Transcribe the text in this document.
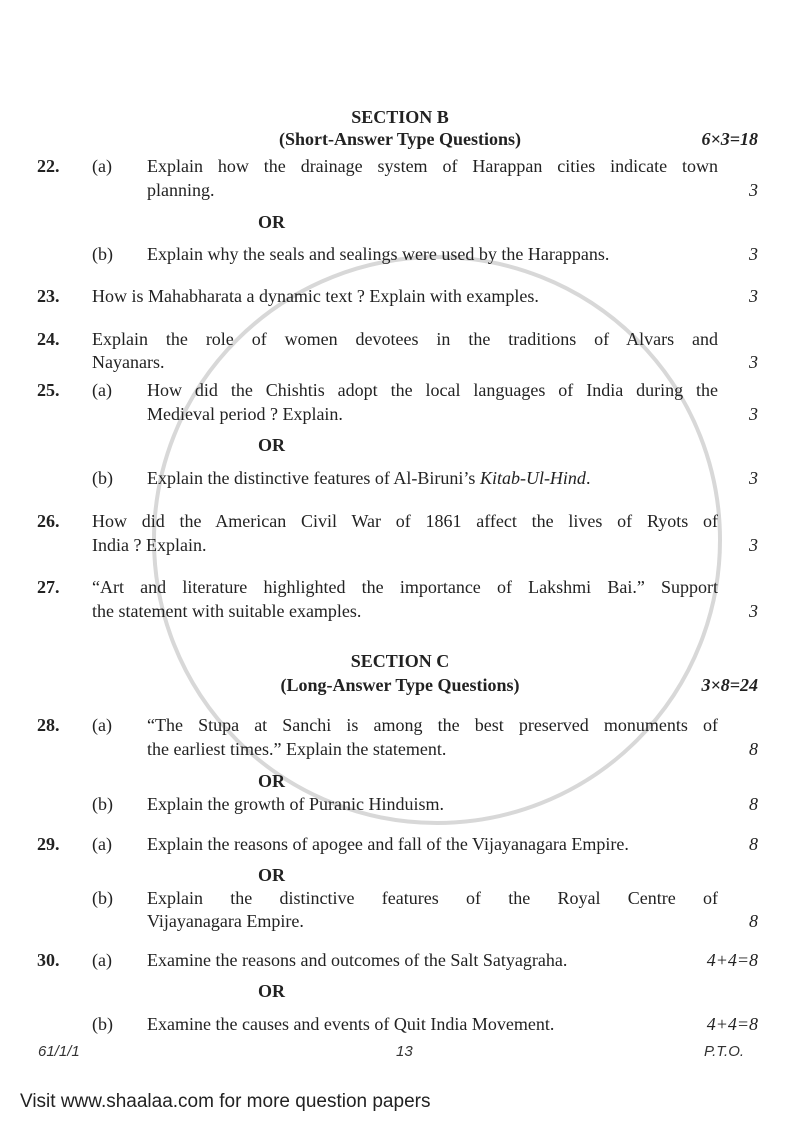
SECTION B
(Short-Answer Type Questions)	6×3=18
22. (a) Explain how the drainage system of Harappan cities indicate town
planning.	3
OR
(b) Explain why the seals and sealings were used by the Harappans.	3
23. How is Mahabharata a dynamic text ? Explain with examples.	3
24. Explain the role of women devotees in the traditions of Alvars and
Nayanars.	3
25. (a) How did the Chishtis adopt the local languages of India during the
Medieval period ? Explain.	3
OR
(b) Explain the distinctive features of Al-Biruni’s Kitab-Ul-Hind.	3
26. How did the American Civil War of 1861 affect the lives of Ryots of
India ? Explain.	3
27. “Art and literature highlighted the importance of Lakshmi Bai.” Support
the statement with suitable examples.	3
SECTION C
(Long-Answer Type Questions)	3×8=24
28. (a) “The Stupa at Sanchi is among the best preserved monuments of
the earliest times.” Explain the statement.	8
OR
(b) Explain the growth of Puranic Hinduism.	8
29. (a) Explain the reasons of apogee and fall of the Vijayanagara Empire.	8
OR
(b) Explain the distinctive features of the Royal Centre of
Vijayanagara Empire.	8
30. (a) Examine the reasons and outcomes of the Salt Satyagraha.	4+4=8
OR
(b) Examine the causes and events of Quit India Movement.	4+4=8
61/1/1	13	P.T.O.
Visit www.shaalaa.com for more question papers
